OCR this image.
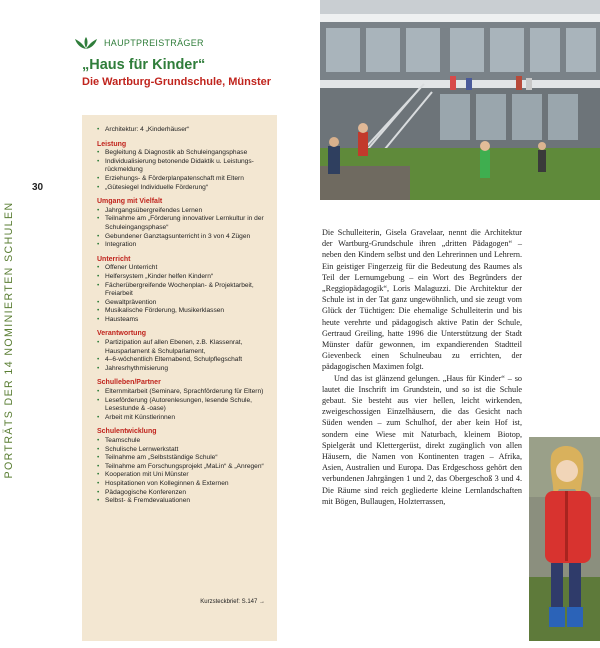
HAUPTPREISTRÄGER
„Haus für Kinder“
Die Wartburg-Grundschule, Münster
30
PORTRÄTS DER 14 NOMINIERTEN SCHULEN
• Architektur: 4 „Kinderhäuser“
Leistung
• Begleitung & Diagnostik ab Schuleingangsphase
• Individualisierung betonende Didaktik u. Leistungs-rückmeldung
• Erziehungs- & Förderplanpatenschaft mit Eltern
• „Gütesiegel Individuelle Förderung“
Umgang mit Vielfalt
• Jahrgangsübergreifendes Lernen
• Teilnahme am „Förderung innovativer Lernkultur in der Schuleingangsphase“
• Gebundener Ganztagsunterricht in 3 von 4 Zügen
• Integration
Unterricht
• Offener Unterricht
• Helfersystem „Kinder helfen Kindern“
• Fächerübergreifende Wochenplan- & Projektarbeit, Freiarbeit
• Gewaltprävention
• Musikalische Förderung, Musikerklassen
• Hausteams
Verantwortung
• Partizipation auf allen Ebenen, z.B. Klassenrat, Hausparlament & Schulparlament,
• 4–6-wöchentlich Elternabend, Schulpflegschaft
• Jahresrhythmisierung
Schulleben/Partner
• Elternmitarbeit (Seminare, Sprachförderung für Eltern)
• Leseförderung (Autorenlesungen, lesende Schule, Lesestunde & -oase)
• Arbeit mit Künstlerinnen
Schulentwicklung
• Teamschule
• Schulische Lernwerkstatt
• Teilnahme am „Selbstständige Schule“
• Teilnahme am Forschungsprojekt „MaLin“ & „Anregen“
• Kooperation mit Uni Münster
• Hospitationen von Kolleginnen & Externen
• Pädagogische Konferenzen
• Selbst- & Fremdevaluationen
Kurzsteckbrief: S.147 →

Die Schulleiterin, Gisela Gravelaar, nennt die Architektur der Wartburg-Grundschule ihren „dritten Pädagogen“ – neben den Kindern selbst und den Lehrerinnen und Lehrern. Ein geistiger Fingerzeig für die Bedeutung des Raumes als Teil der Lernumgebung – ein Wort des Begründers der „Reggiopädagogik“, Loris Malaguzzi. Die Architektur der Schule ist in der Tat ganz ungewöhnlich, und sie zeugt vom Glück der Tüchtigen: Die ehemalige Schulleiterin und bis heute verehrte und pädagogisch aktive Patin der Schule, Gertraud Greiling, hatte 1996 die Unterstützung der Stadt Münster dafür gewonnen, im expandierenden Stadtteil Gievenbeck einen Schulneubau zu errichten, der pädagogischen Maximen folgt.

Und das ist glänzend gelungen. „Haus für Kinder“ – so lautet die Inschrift im Grundstein, und so ist die Schule gebaut. Sie besteht aus vier hellen, leicht wirkenden, zweigeschossigen Einzelhäusern, die das Gesicht nach Süden wenden – zum Schulhof, der aber kein Hof ist, sondern eine Wiese mit Naturbach, kleinem Biotop, Spielgerät und Klettergerüst, direkt zugänglich von allen Häusern, die Namen von Kontinenten tragen – Afrika, Asien, Australien und Europa. Das Erdgeschoss gehört den verbundenen Jahrgängen 1 und 2, das Obergeschoß 3 und 4. Die Räume sind reich gegliederte kleine Lernlandschaften mit Bögen, Bullaugen, Holzterrassen,
